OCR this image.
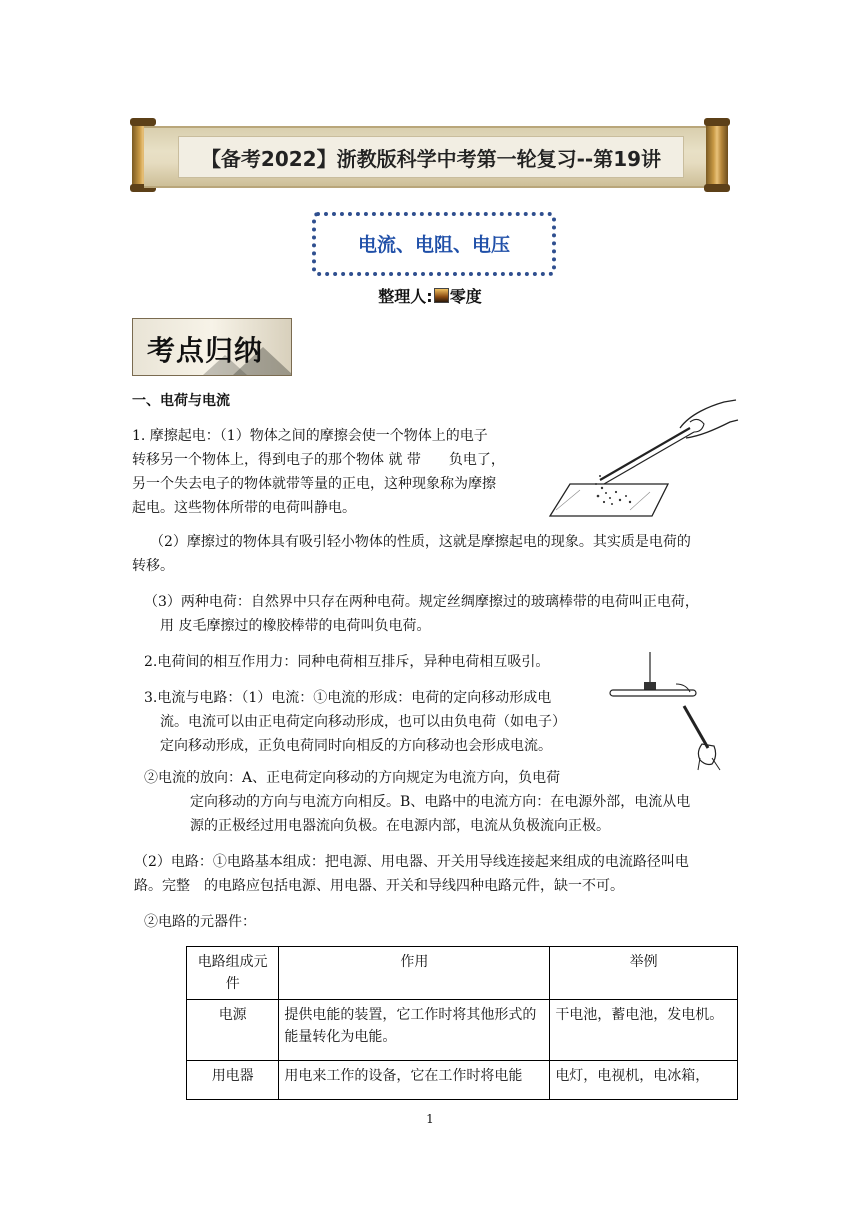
【备考2022】浙教版科学中考第一轮复习--第19讲
电流、电阻、电压
整理人: 零度
考点归纳
一、电荷与电流
1. 摩擦起电：（1）物体之间的摩擦会使一个物体上的电子
转移另一个物体上，得到电子的那个物体 就 带　　负电了，
另一个失去电子的物体就带等量的正电，这种现象称为摩擦
起电。这些物体所带的电荷叫静电。
（2）摩擦过的物体具有吸引轻小物体的性质，这就是摩擦起电的现象。其实质是电荷的
转移。
（3）两种电荷：自然界中只存在两种电荷。规定丝绸摩擦过的玻璃棒带的电荷叫正电荷，
用 皮毛摩擦过的橡胶棒带的电荷叫负电荷。
2.电荷间的相互作用力：同种电荷相互排斥，异种电荷相互吸引。
3.电流与电路：（1）电流：①电流的形成：电荷的定向移动形成电
流。电流可以由正电荷定向移动形成，也可以由负电荷（如电子）
定向移动形成，正负电荷同时向相反的方向移动也会形成电流。
②电流的放向：A、正电荷定向移动的方向规定为电流方向，负电荷
定向移动的方向与电流方向相反。B、电路中的电流方向：在电源外部，电流从电
源的正极经过用电器流向负极。在电源内部，电流从负极流向正极。
（2）电路：①电路基本组成：把电源、用电器、开关用导线连接起来组成的电流路径叫电
路。完整　的电路应包括电源、用电器、开关和导线四种电路元件，缺一不可。
②电路的元器件：
电路组成元件	作用	举例
电源	提供电能的装置，它工作时将其他形式的能量转化为电能。	干电池，蓄电池，发电机。
用电器	用电来工作的设备，它在工作时将电能	电灯，电视机，电冰箱，
1
